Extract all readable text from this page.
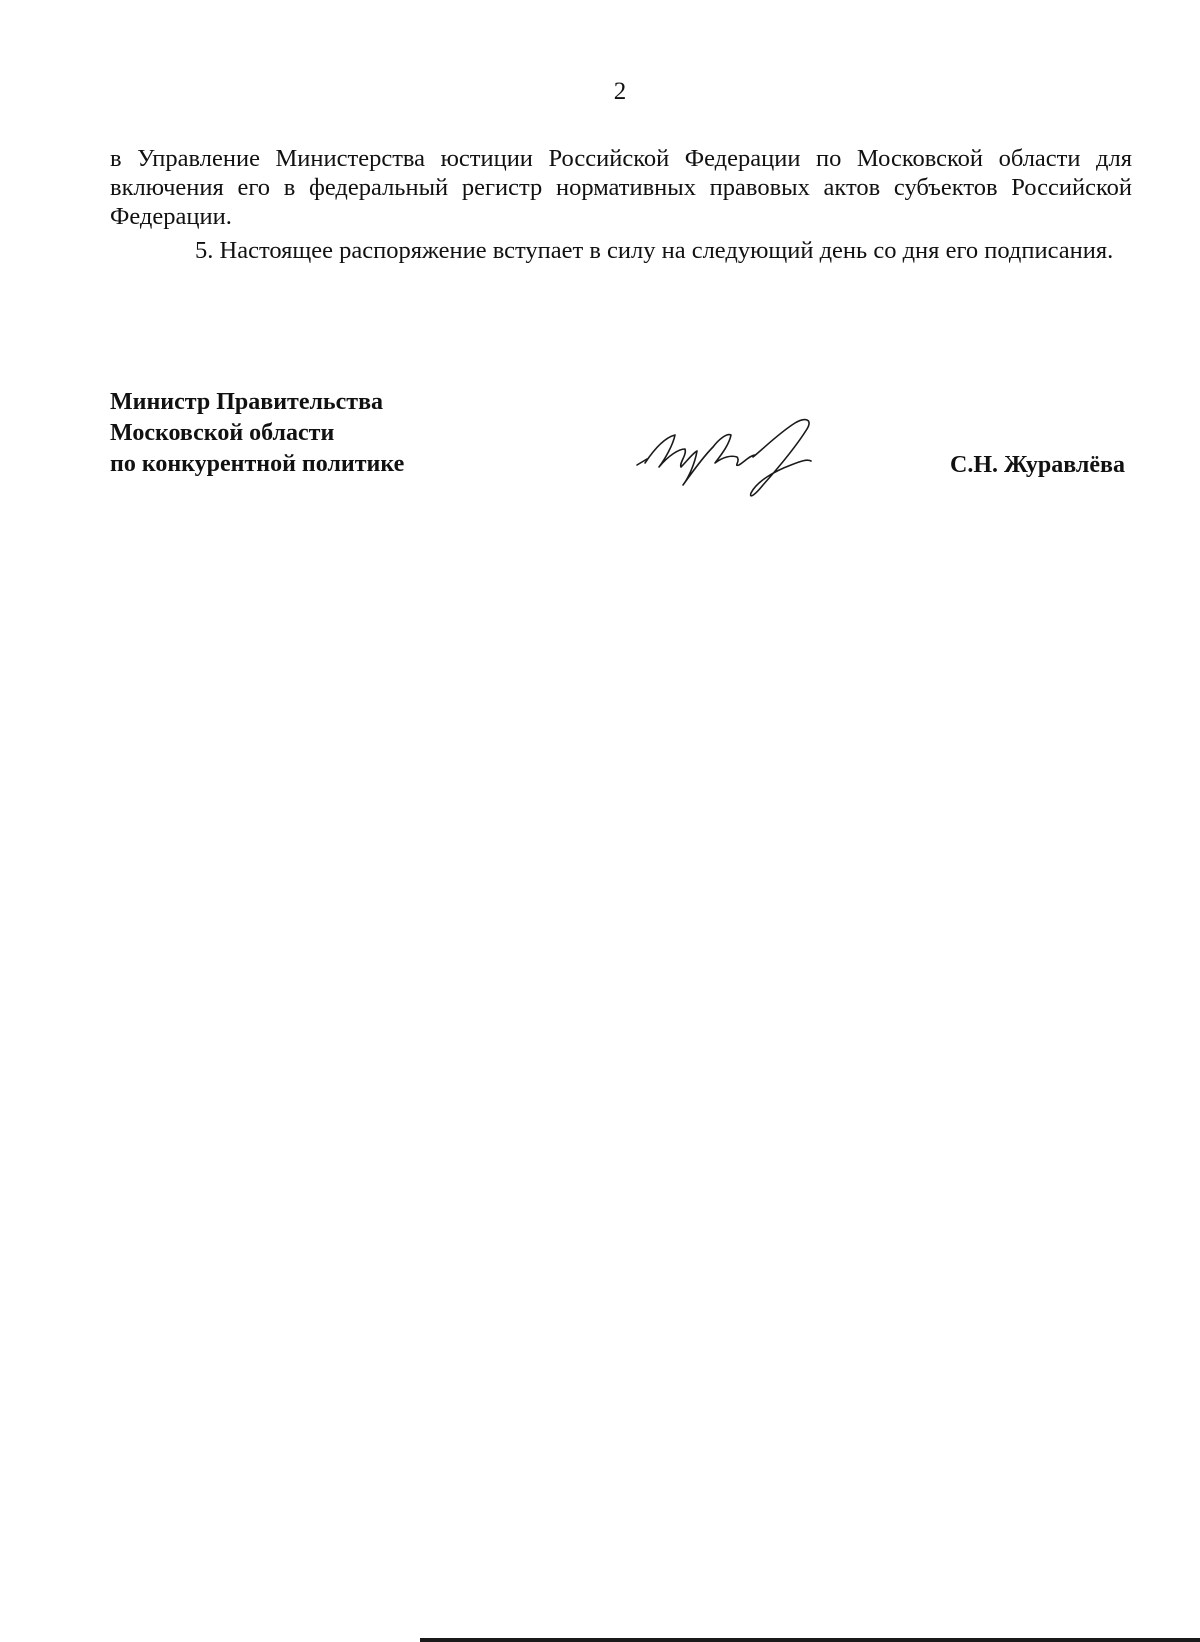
2

в Управление Министерства юстиции Российской Федерации по Московской области для включения его в федеральный регистр нормативных правовых актов субъектов Российской Федерации.

5. Настоящее распоряжение вступает в силу на следующий день со дня его подписания.

Министр Правительства
Московской области
по конкурентной политике	С.Н. Журавлёва
